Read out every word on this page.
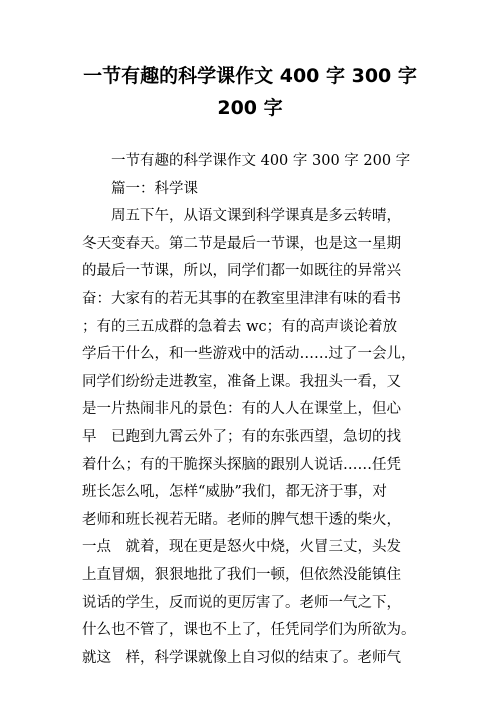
一节有趣的科学课作文 400 字 300 字
200 字
一节有趣的科学课作文 400 字 300 字 200 字
篇一：科学课
周五下午，从语文课到科学课真是多云转晴，
冬天变春天。第二节是最后一节课，也是这一星期
的最后一节课，所以，同学们都一如既往的异常兴
奋：大家有的若无其事的在教室里津津有味的看书
；有的三五成群的急着去 wc；有的高声谈论着放
学后干什么，和一些游戏中的活动……过了一会儿，
同学们纷纷走进教室，准备上课。我扭头一看，又
是一片热闹非凡的景色：有的人人在课堂上，但心
早　已跑到九霄云外了；有的东张西望，急切的找
着什么；有的干脆探头探脑的跟别人说话……任凭
班长怎么吼，怎样“威胁”我们，都无济于事，对
老师和班长视若无睹。老师的脾气想干透的柴火，
一点　就着，现在更是怒火中烧，火冒三丈，头发
上直冒烟，狠狠地批了我们一顿，但依然没能镇住
说话的学生，反而说的更厉害了。老师一气之下，
什么也不管了，课也不上了，任凭同学们为所欲为。
就这　样，科学课就像上自习似的结束了。老师气
